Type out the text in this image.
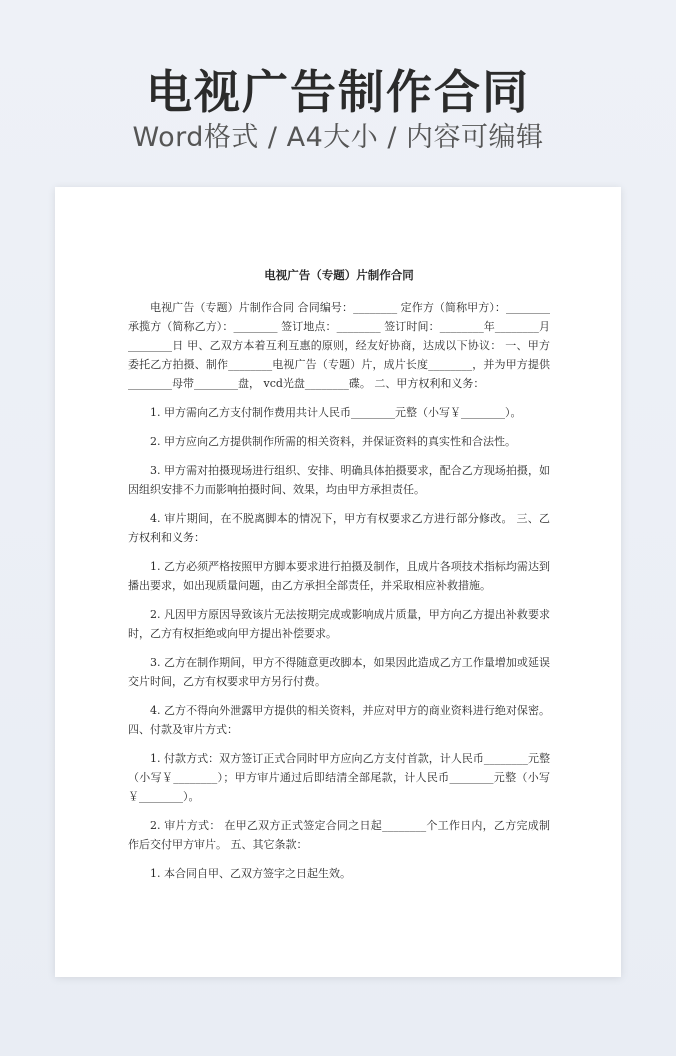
电视广告制作合同
Word格式 / A4大小 / 内容可编辑
电视广告（专题）片制作合同

电视广告（专题）片制作合同 合同编号：________ 定作方（简称甲方）：________ 承揽方（简称乙方）：________ 签订地点：________ 签订时间：________年________月________日 甲、乙双方本着互利互惠的原则，经友好协商，达成以下协议： 一、甲方委托乙方拍摄、制作________电视广告（专题）片，成片长度________，并为甲方提供________母带________盘， vcd光盘________碟。 二、甲方权利和义务：

1. 甲方需向乙方支付制作费用共计人民币________元整（小写￥________）。

2. 甲方应向乙方提供制作所需的相关资料，并保证资料的真实性和合法性。

3. 甲方需对拍摄现场进行组织、安排、明确具体拍摄要求，配合乙方现场拍摄，如因组织安排不力而影响拍摄时间、效果，均由甲方承担责任。

4. 审片期间，在不脱离脚本的情况下，甲方有权要求乙方进行部分修改。 三、乙方权利和义务：

1. 乙方必须严格按照甲方脚本要求进行拍摄及制作，且成片各项技术指标均需达到播出要求，如出现质量问题，由乙方承担全部责任，并采取相应补救措施。

2. 凡因甲方原因导致该片无法按期完成或影响成片质量，甲方向乙方提出补救要求时，乙方有权拒绝或向甲方提出补偿要求。

3. 乙方在制作期间，甲方不得随意更改脚本，如果因此造成乙方工作量增加或延误交片时间，乙方有权要求甲方另行付费。

4. 乙方不得向外泄露甲方提供的相关资料，并应对甲方的商业资料进行绝对保密。 四、付款及审片方式：

1. 付款方式：双方签订正式合同时甲方应向乙方支付首款，计人民币________元整（小写￥________）；甲方审片通过后即结清全部尾款，计人民币________元整（小写￥________）。

2. 审片方式： 在甲乙双方正式签定合同之日起________个工作日内，乙方完成制作后交付甲方审片。 五、其它条款：

1. 本合同自甲、乙双方签字之日起生效。
